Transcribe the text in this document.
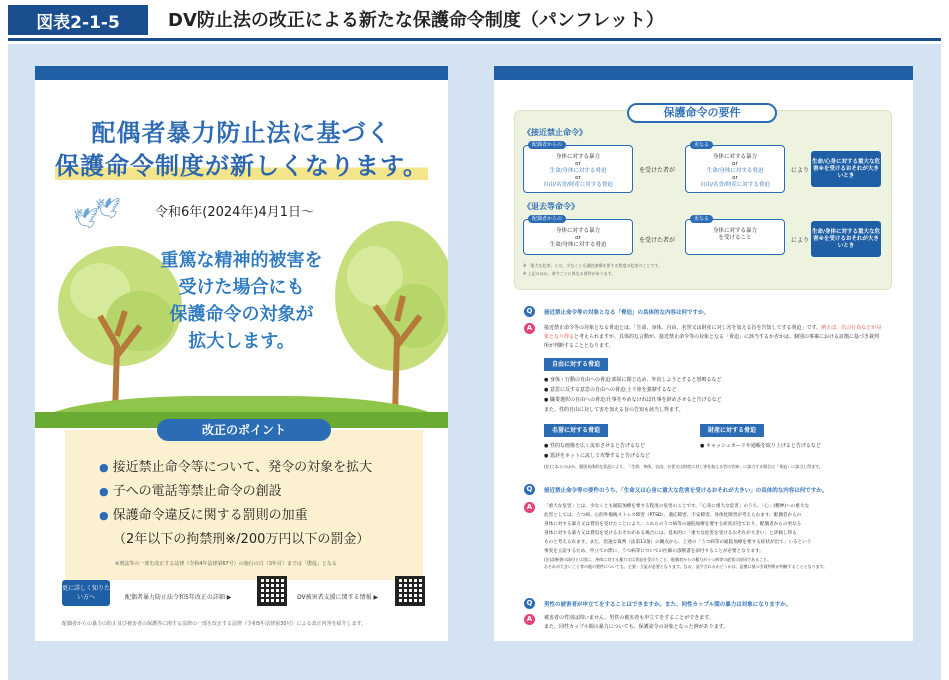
図表2-1-5	DV防止法の改正による新たな保護命令制度（パンフレット）
配偶者暴力防止法に基づく
保護命令制度が新しくなります。
🕊
🕊	令和6年(2024年)4月1日〜
重篤な精神的被害を
受けた場合にも
保護命令の対象が
拡大します。
改正のポイント
● 接近禁止命令等について、発令の対象を拡大
● 子への電話等禁止命令の創設
● 保護命令違反に関する罰則の加重
（2年以下の拘禁刑※/200万円以下の罰金）
※刑法等の一部を改正する法律（令和4年法律第67号）の施行の日（3年目）までは「懲役」となる
更に詳しく知りたい方へ	配偶者暴力防止法令和5年改正の詳細 ▶	DV被害者支援に関する情報 ▶
配偶者からの暴力の防止及び被害者の保護等に関する法律の一部を改正する法律（令和5年法律第30号）による改正内容を紹介します。
保護命令の要件
《接近禁止命令》
配偶者からの
身体に対する暴力
or
生命/身体に対する脅迫
or
自由/名誉/財産に対する脅迫
を受けた者が
更なる
身体に対する暴力
or
生命/身体に対する脅迫
or
自由/名誉/財産に対する脅迫
により
生命/心身に対する重大な危害※を受けるおそれが大きいとき
《退去等命令》
配偶者からの
身体に対する暴力
or
生命/身体に対する脅迫
を受けた者が
更なる
身体に対する暴力
を受けること	により
生命/身体に対する重大な危害※を受けるおそれが大きいとき
※「重大な危害」とは、少なくとも通院加療を要する程度の危害のことです。
※ 上記のほか、命令ごとに異なる要件があります。
Q	接近禁止命令等の対象となる「脅迫」の具体的な内容は何ですか。
A	接近禁止命令等の対象となる脅迫とは、「生命、身体、自由、名誉又は財産に対し害を加える旨を告知してする脅迫」です。例えば、次の行為などが対象となり得ると考えられますが、具体的な言動が、接近禁止命令等の対象となる「脅迫」に該当するか否かは、個別の事案における証拠に基づき裁判所が判断することとなります。
自由に対する脅迫
● 身体・行動の自由への脅迫:部屋に閉じ込め、外出しようとすると怒鳴るなど
● 意思に反する意思の自由への脅迫:土下座を強制するなど
● 職業選択の自由への脅迫:仕事をやめなければ仕事を辞めさせると告げるなど
また、性的自由に対して害を加える旨の告知も該当し得ます。
名誉に対する脅迫
● 性的な画像を広く流布させると告げるなど
● 悪評をネットに流して攻撃すると告げるなど
財産に対する脅迫
● キャッシュカードや通帳を取り上げると告げるなど
(注)これらのほか、個別具体的な状況により、「生命、身体、自由、名誉又は財産に対し害を加える旨の告知」に該当する場合は「脅迫」に該当し得ます。
Q	接近禁止命令等の要件のうち、「生命又は心身に重大な危害を受けるおそれが大きい」の具体的な内容は何ですか。
A	「重大な危害」とは、少なくとも通院加療を要する程度の危害のことです。「心身に重大な危害」のうち、「心」(精神)への重大な
危害としては、うつ病、心的外傷後ストレス障害（PTSD）、適応障害、不安障害、身体化障害が考えられます。配偶者からの
身体に対する暴力又は脅迫を受けたことにより、これらのうつ病等の通院加療を要する症状が出ており、配偶者からの更なる
身体に対する暴力又は脅迫を受けるおそれがある場合には、基本的に「重大な危害を受けるおそれが大きい」と評価し得る
ものと考えられます。また、迅速な裁判（法第13条）の観点から、上述の「うつ病等の通院加療を要する症状が出て」いるという
事実を立証するため、申立ての際に、うつ病等についての医師の診断書を添付することが必要となります。
(注)診断書の添付とは別に、身体に対する暴力又は脅迫を受けたこと、配偶者からの暴力がうつ病等の症状の原因であること、
おそれが大きいこと等の他の要件についても、主張・立証が必要となります。なお、発令されるかどうかは、証拠に基づき裁判所が判断することとなります。
Q	男性の被害者が申立てをすることはできますか。また、同性カップル間の暴力は対象になりますか。
A	被害者の性別は問いません。男性の被害者も申立てをすることができます。
また、同性カップル間の暴力についても、保護命令の対象となった例があります。
